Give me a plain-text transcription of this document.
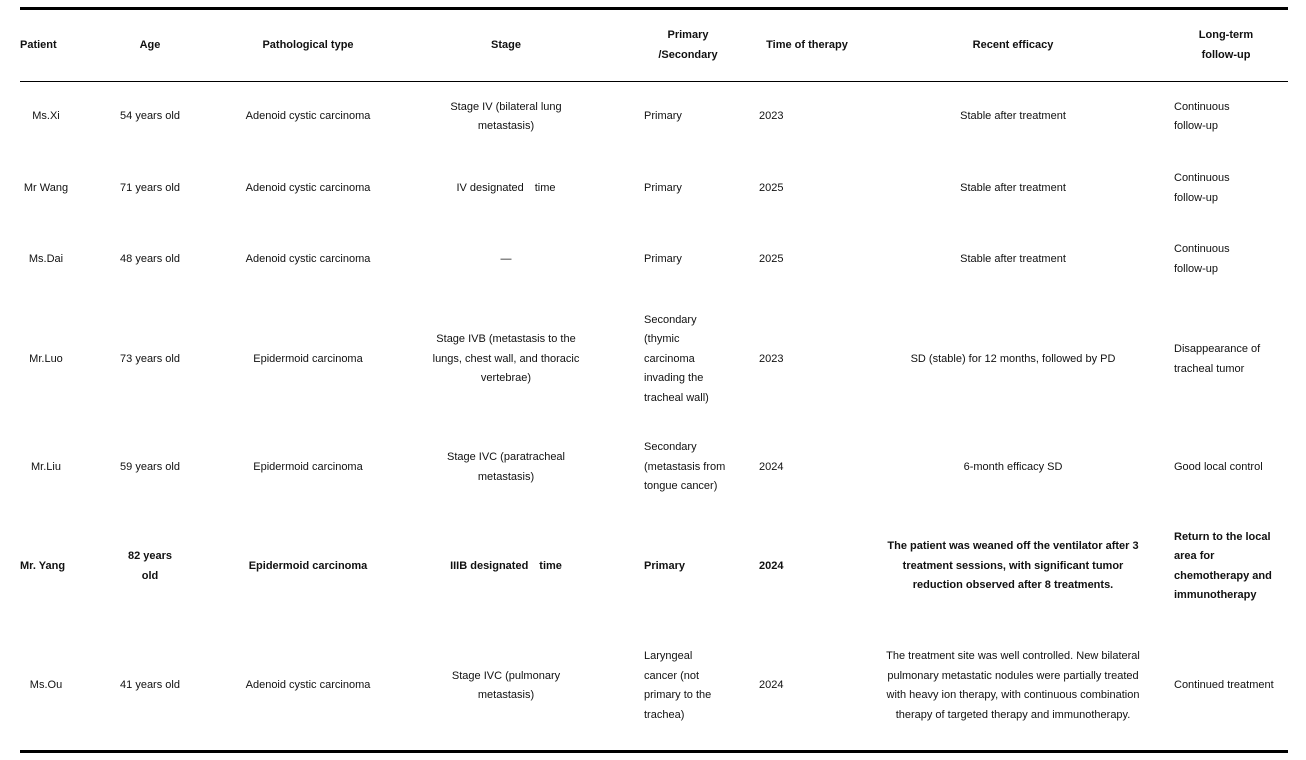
Patient	Age	Pathological type	Stage	Primary /Secondary	Time of therapy	Recent efficacy	Long-term follow-up
Ms.Xi	54 years old	Adenoid cystic carcinoma	Stage IV (bilateral lung metastasis)	Primary	2023	Stable after treatment	Continuous follow-up
Mr Wang	71 years old	Adenoid cystic carcinoma	IV designated　time	Primary	2025	Stable after treatment	Continuous follow-up
Ms.Dai	48 years old	Adenoid cystic carcinoma	—	Primary	2025	Stable after treatment	Continuous follow-up
Mr.Luo	73 years old	Epidermoid carcinoma	Stage IVB (metastasis to the lungs, chest wall, and thoracic vertebrae)	Secondary (thymic carcinoma invading the tracheal wall)	2023	SD (stable) for 12 months, followed by PD	Disappearance of tracheal tumor
Mr.Liu	59 years old	Epidermoid carcinoma	Stage IVC (paratracheal metastasis)	Secondary (metastasis from tongue cancer)	2024	6-month efficacy SD	Good local control
Mr. Yang	82 years old	Epidermoid carcinoma	IIIB designated　time	Primary	2024	The patient was weaned off the ventilator after 3 treatment sessions, with significant tumor reduction observed after 8 treatments.	Return to the local area for chemotherapy and immunotherapy
Ms.Ou	41 years old	Adenoid cystic carcinoma	Stage IVC (pulmonary metastasis)	Laryngeal cancer (not primary to the trachea)	2024	The treatment site was well controlled. New bilateral pulmonary metastatic nodules were partially treated with heavy ion therapy, with continuous combination therapy of targeted therapy and immunotherapy.	Continued treatment
